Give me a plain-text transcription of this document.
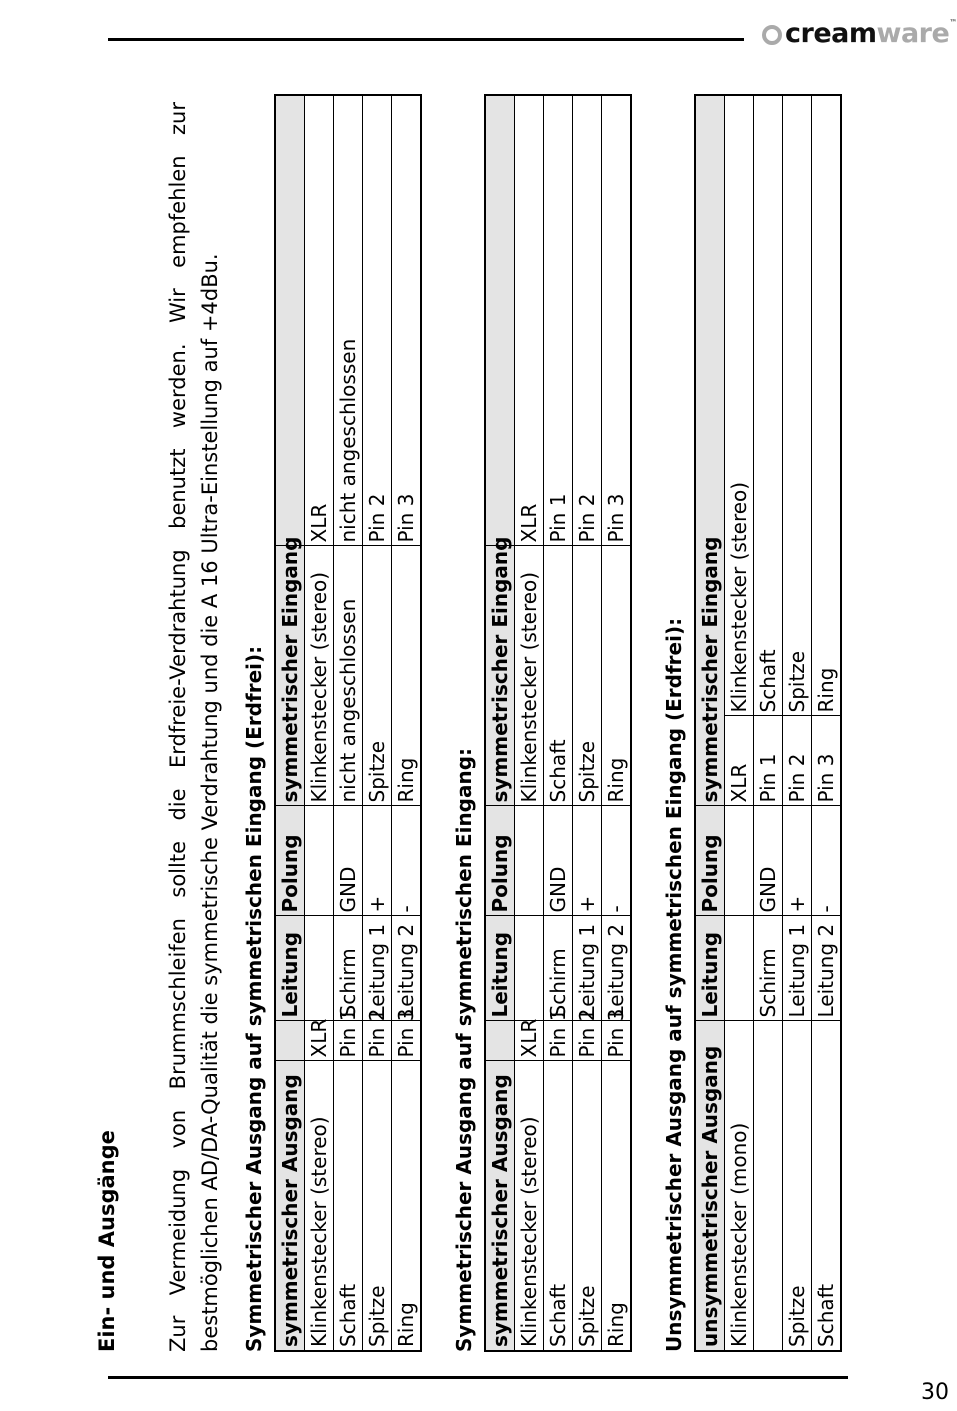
creamware™
30
Ein- und Ausgänge Zur Vermeidung von Brummschleifen sollte die Erdfreie-Verdrahtung benutzt werden. Wir empfehlen zur bestmöglichen AD/DA-Qualität die symmetrische Verdrahtung und die A 16 Ultra-Einstellung auf +4dBu. Symmetrischer Ausgang auf symmetrischen Eingang (Erdfrei): symmetrischer Ausgang		Leitung	Polung	symmetrischer Eingang	
Klinkenstecker (stereo)	XLR			Klinkenstecker (stereo)	XLR
Schaft	Pin 1	Schirm	GND	nicht angeschlossen	nicht angeschlossen
Spitze	Pin 2	Leitung 1	+	Spitze	Pin 2
Ring	Pin 3	Leitung 2	-	Ring	Pin 3
Symmetrischer Ausgang auf symmetrischen Eingang: symmetrischer Ausgang		Leitung	Polung	symmetrischer Eingang	
Klinkenstecker (stereo)	XLR			Klinkenstecker (stereo)	XLR
Schaft	Pin 1	Schirm	GND	Schaft	Pin 1
Spitze	Pin 2	Leitung 1	+	Spitze	Pin 2
Ring	Pin 3	Leitung 2	-	Ring	Pin 3
Unsymmetrischer Ausgang auf symmetrischen Eingang (Erdfrei): unsymmetrischer Ausgang	Leitung	Polung	symmetrischer Eingang	
Klinkenstecker (mono)			XLR	Klinkenstecker (stereo)
	Schirm	GND	Pin 1	Schaft
Spitze	Leitung 1	+	Pin 2	Spitze
Schaft	Leitung 2	-	Pin 3	Ring
